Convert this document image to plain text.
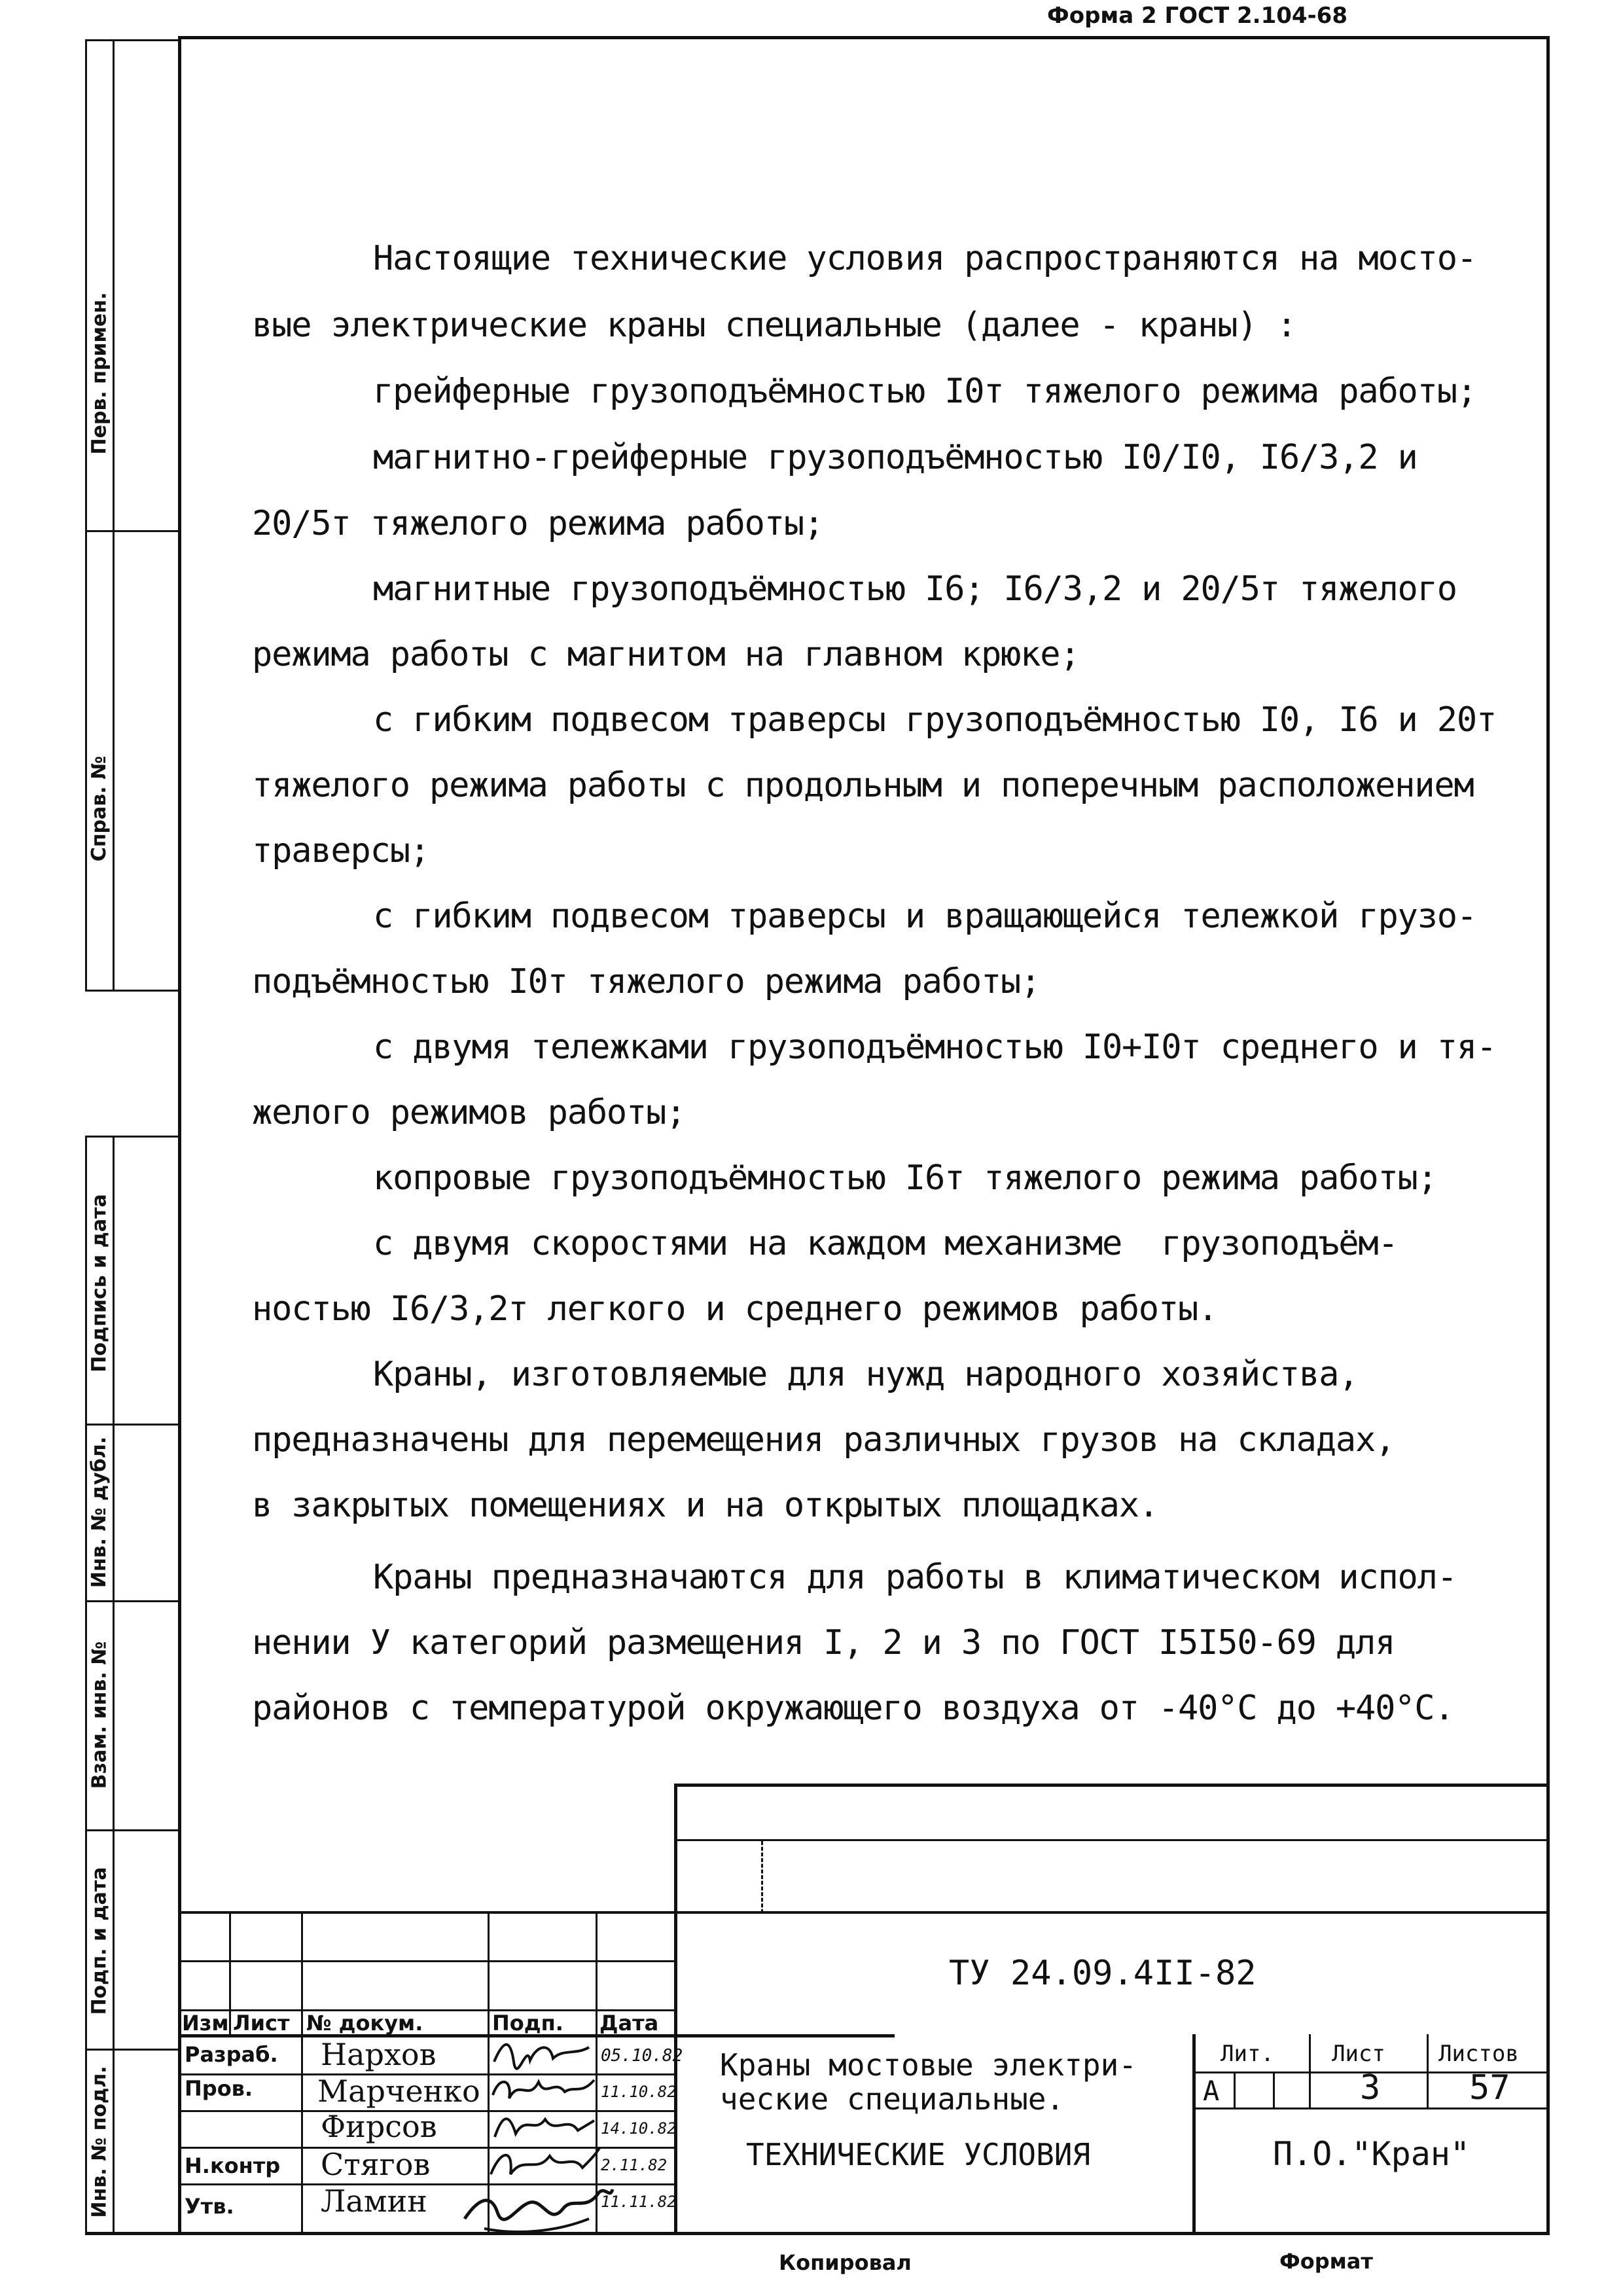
Форма 2 ГОСТ 2.104-68
Перв. примен.
Справ. №
Подпись и дата
Инв. № дубл.
Взам. инв. №
Подп. и дата
Инв. № подл.
Настоящие технические условия распространяются на мосто-
вые электрические краны специальные (далее - краны) :
грейферные грузоподъёмностью I0т тяжелого режима работы;
магнитно-грейферные грузоподъёмностью I0/I0, I6/3,2 и
20/5т тяжелого режима работы;
магнитные грузоподъёмностью I6; I6/3,2 и 20/5т тяжелого
режима работы с магнитом на главном крюке;
с гибким подвесом траверсы грузоподъёмностью I0, I6 и 20т
тяжелого режима работы с продольным и поперечным расположением
траверсы;
с гибким подвесом траверсы и вращающейся тележкой грузо-
подъёмностью I0т тяжелого режима работы;
с двумя тележками грузоподъёмностью I0+I0т среднего и тя-
желого режимов работы;
копровые грузоподъёмностью I6т тяжелого режима работы;
с двумя скоростями на каждом механизме  грузоподъём-
ностью I6/3,2т легкого и среднего режимов работы.
Краны, изготовляемые для нужд народного хозяйства,
предназначены для перемещения различных грузов на складах,
в закрытых помещениях и на открытых площадках.
Краны предназначаются для работы в климатическом испол-
нении У категорий размещения I, 2 и 3 по ГОСТ I5I50-69 для
районов с температурой окружающего воздуха от -40°С до +40°С.
ТУ 24.09.4II-82
Изм Лист № докум.	Подп. Дата
Разраб. Нархов	05.10.82
Пров. Марченко	11.10.82
Фирсов	14.10.82
Н.контр Стягов	2.11.82
Утв.	Ламин	11.11.82
Краны мостовые электри-
ческие специальные.
ТЕХНИЧЕСКИЕ УСЛОВИЯ
Лит.	Лист Листов
А	3	57
П.О."Кран"
Копировал	Формат
